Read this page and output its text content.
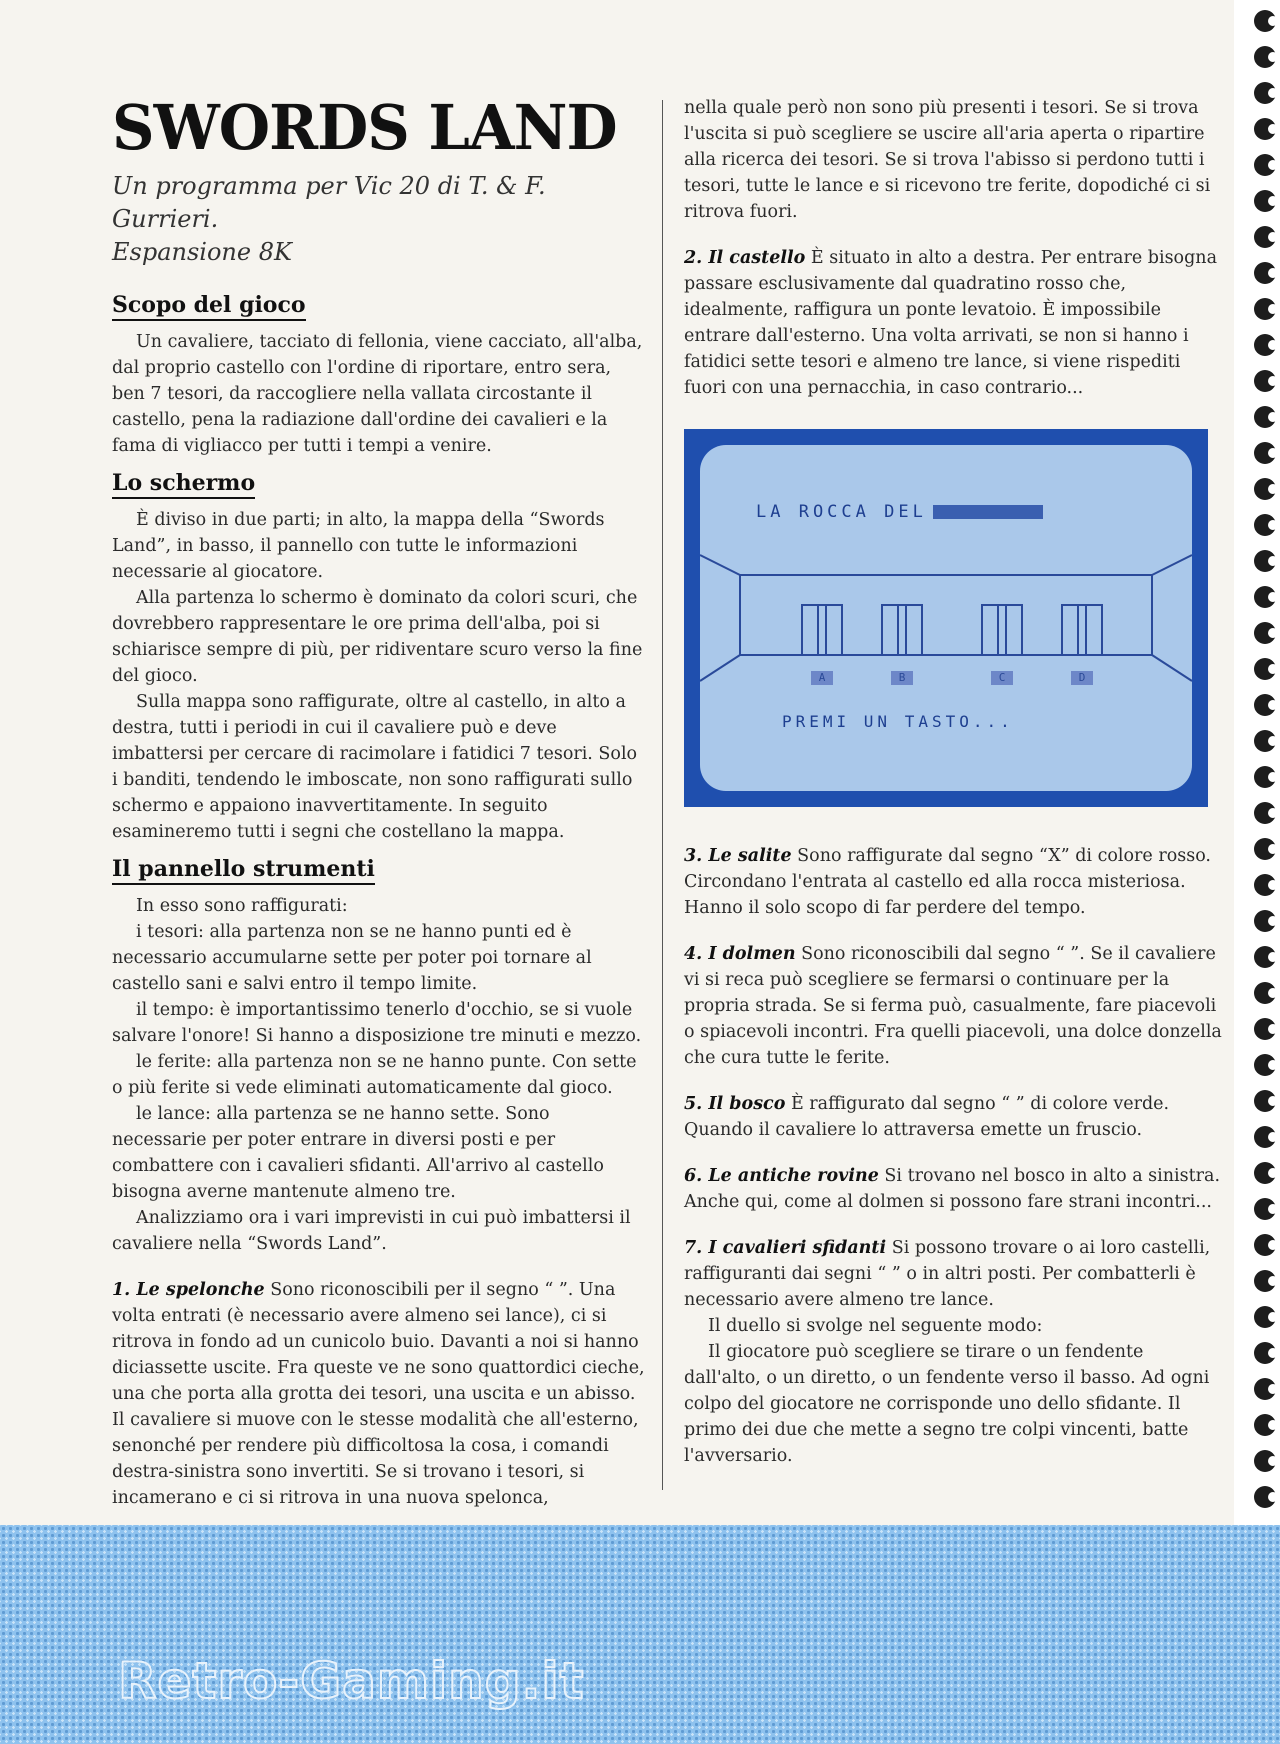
SWORDS LAND
Un programma per Vic 20 di T. & F. Gurrieri.
Espansione 8K
Scopo del gioco

Un cavaliere, tacciato di fellonia, viene cacciato, all'alba, dal proprio castello con l'ordine di riportare, entro sera, ben 7 tesori, da raccogliere nella vallata circostante il castello, pena la radiazione dall'ordine dei cavalieri e la fama di vigliacco per tutti i tempi a venire.

Lo schermo

È diviso in due parti; in alto, la mappa della “Swords Land”, in basso, il pannello con tutte le informazioni necessarie al giocatore.

Alla partenza lo schermo è dominato da colori scuri, che dovrebbero rappresentare le ore prima dell'alba, poi si schiarisce sempre di più, per ridiventare scuro verso la fine del gioco.

Sulla mappa sono raffigurate, oltre al castello, in alto a destra, tutti i periodi in cui il cavaliere può e deve imbattersi per cercare di racimolare i fatidici 7 tesori. Solo i banditi, tendendo le imboscate, non sono raffigurati sullo schermo e appaiono inavvertitamente. In seguito esamineremo tutti i segni che costellano la mappa.

Il pannello strumenti

In esso sono raffigurati:

i tesori: alla partenza non se ne hanno punti ed è necessario accumularne sette per poter poi tornare al castello sani e salvi entro il tempo limite.

il tempo: è importantissimo tenerlo d'occhio, se si vuole salvare l'onore! Si hanno a disposizione tre minuti e mezzo.

le ferite: alla partenza non se ne hanno punte. Con sette o più ferite si vede eliminati automaticamente dal gioco.

le lance: alla partenza se ne hanno sette. Sono necessarie per poter entrare in diversi posti e per combattere con i cavalieri sfidanti. All'arrivo al castello bisogna averne mantenute almeno tre.

Analizziamo ora i vari imprevisti in cui può imbattersi il cavaliere nella “Swords Land”.

1. Le spelonche Sono riconoscibili per il segno “ ”. Una volta entrati (è necessario avere almeno sei lance), ci si ritrova in fondo ad un cunicolo buio. Davanti a noi si hanno diciassette uscite. Fra queste ve ne sono quattordici cieche, una che porta alla grotta dei tesori, una uscita e un abisso. Il cavaliere si muove con le stesse modalità che all'esterno, senonché per rendere più difficoltosa la cosa, i comandi destra-sinistra sono invertiti. Se si trovano i tesori, si incamerano e ci si ritrova in una nuova spelonca,

nella quale però non sono più presenti i tesori. Se si trova l'uscita si può scegliere se uscire all'aria aperta o ripartire alla ricerca dei tesori. Se si trova l'abisso si perdono tutti i tesori, tutte le lance e si ricevono tre ferite, dopodiché ci si ritrova fuori.

2. Il castello È situato in alto a destra. Per entrare bisogna passare esclusivamente dal quadratino rosso che, idealmente, raffigura un ponte levatoio. È impossibile entrare dall'esterno. Una volta arrivati, se non si hanno i fatidici sette tesori e almeno tre lance, si viene rispediti fuori con una pernacchia, in caso contrario...

LA ROCCA DEL
A	B	C	D
PREMI UN TASTO...

3. Le salite Sono raffigurate dal segno “X” di colore rosso. Circondano l'entrata al castello ed alla rocca misteriosa. Hanno il solo scopo di far perdere del tempo.

4. I dolmen Sono riconoscibili dal segno “ ”. Se il cavaliere vi si reca può scegliere se fermarsi o continuare per la propria strada. Se si ferma può, casualmente, fare piacevoli o spiacevoli incontri. Fra quelli piacevoli, una dolce donzella che cura tutte le ferite.

5. Il bosco È raffigurato dal segno “ ” di colore verde. Quando il cavaliere lo attraversa emette un fruscio.

6. Le antiche rovine Si trovano nel bosco in alto a sinistra. Anche qui, come al dolmen si possono fare strani incontri...

7. I cavalieri sfidanti Si possono trovare o ai loro castelli, raffiguranti dai segni “ ” o in altri posti. Per combatterli è necessario avere almeno tre lance.

Il duello si svolge nel seguente modo:

Il giocatore può scegliere se tirare o un fendente dall'alto, o un diretto, o un fendente verso il basso. Ad ogni colpo del giocatore ne corrisponde uno dello sfidante. Il primo dei due che mette a segno tre colpi vincenti, batte l'avversario.

Retro-Gaming.it
